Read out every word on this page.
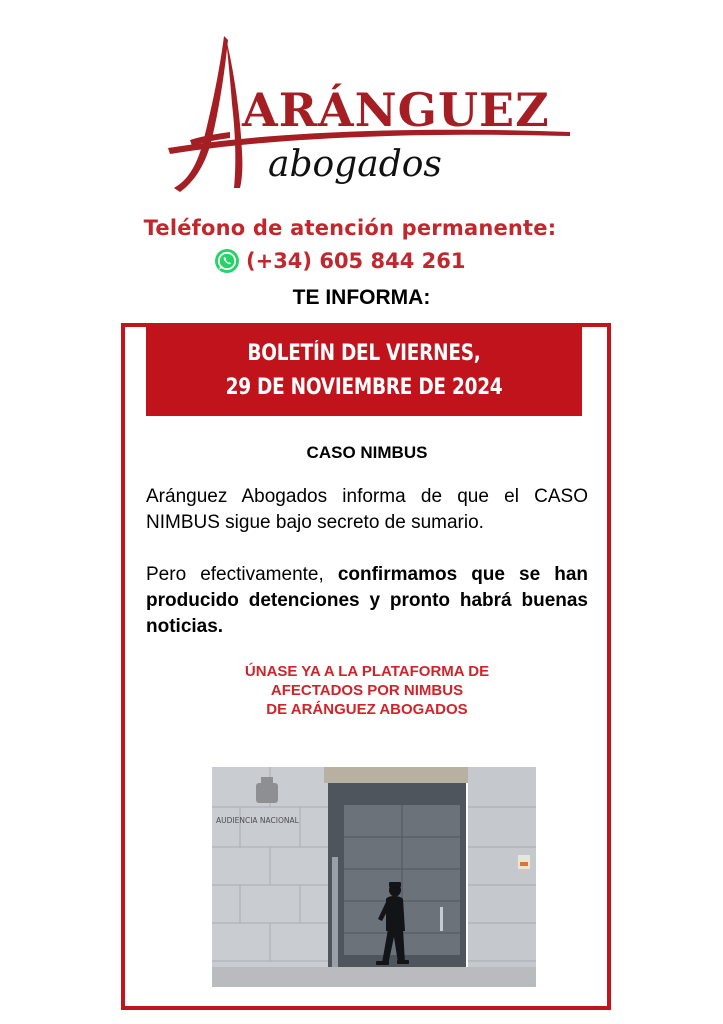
ARÁNGUEZ
abogados
Teléfono de atención permanente:
(+34) 605 844 261
TE INFORMA:
BOLETÍN DEL VIERNES,
29 DE NOVIEMBRE DE 2024
CASO NIMBUS
Aránguez Abogados informa de que el CASO NIMBUS sigue bajo secreto de sumario.
Pero efectivamente, confirmamos que se han producido detenciones y pronto habrá buenas noticias.
ÚNASE YA A LA PLATAFORMA DE
AFECTADOS POR NIMBUS
DE ARÁNGUEZ ABOGADOS
AUDIENCIA NACIONAL
